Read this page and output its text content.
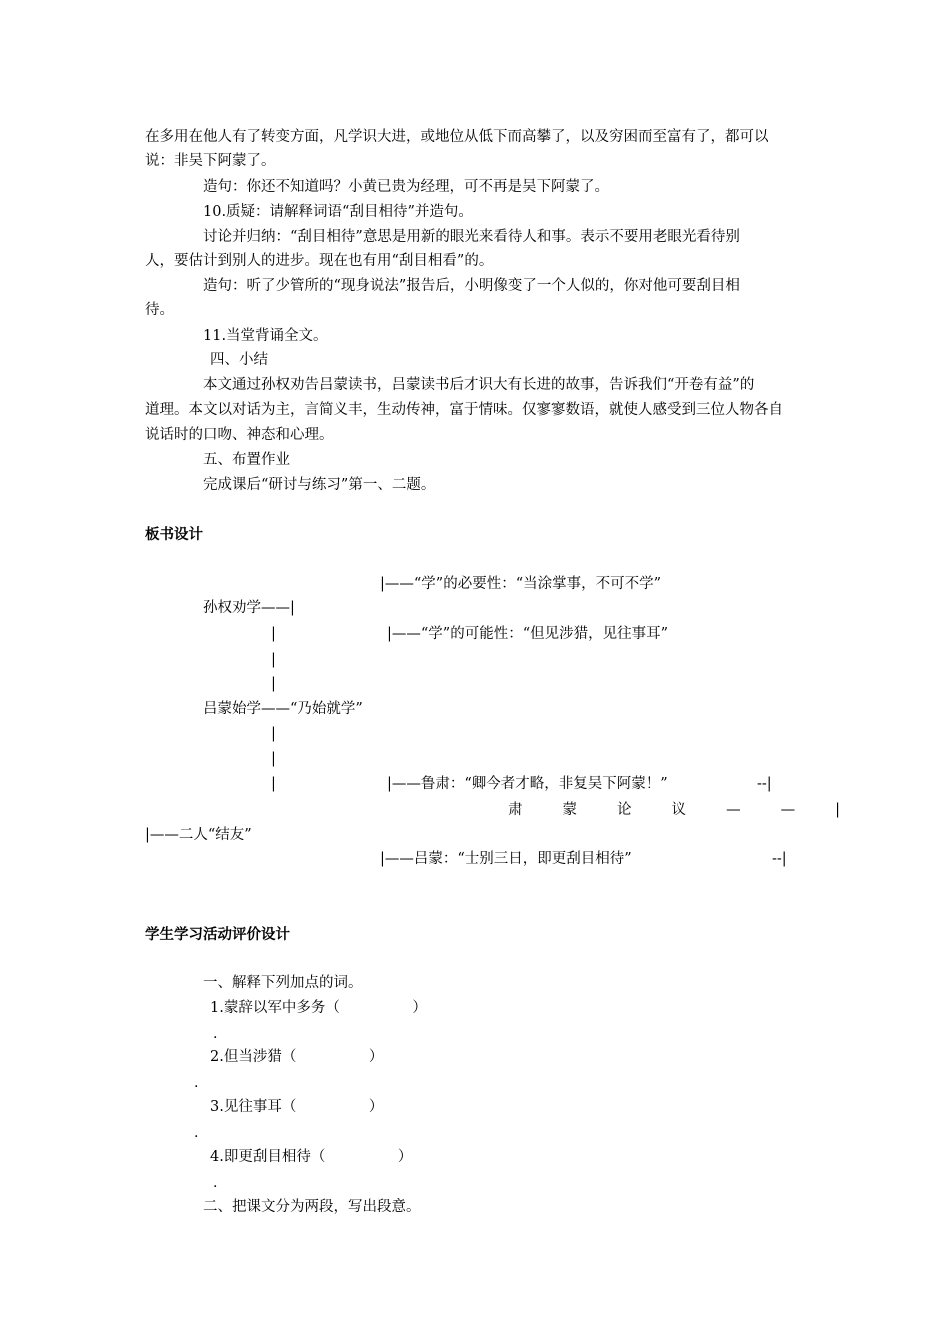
在多用在他人有了转变方面，凡学识大进，或地位从低下而高攀了，以及穷困而至富有了，都可以
说：非吴下阿蒙了。
造句：你还不知道吗？小黄已贵为经理，可不再是吴下阿蒙了。
10.质疑：请解释词语“刮目相待”并造句。
讨论并归纳：“刮目相待”意思是用新的眼光来看待人和事。表示不要用老眼光看待别
人，要估计到别人的进步。现在也有用“刮目相看”的。
造句：听了少管所的“现身说法”报告后，小明像变了一个人似的，你对他可要刮目相
待。
11.当堂背诵全文。
四、小结
本文通过孙权劝告吕蒙读书，吕蒙读书后才识大有长进的故事，告诉我们“开卷有益”的
道理。本文以对话为主，言简义丰，生动传神，富于情味。仅寥寥数语，就使人感受到三位人物各自
说话时的口吻、神态和心理。
五、布置作业
完成课后“研讨与练习”第一、二题。
板书设计
|——“学”的必要性：“当涂掌事，不可不学”
孙权劝学——|
|	|——“学”的可能性：“但见涉猎，见往事耳”
|
|
吕蒙始学——“乃始就学”
|
|
|	|——鲁肃：“卿今者才略，非复吴下阿蒙！”	--|
肃	蒙	论	议	—	—	|
|——二人“结友”
|——吕蒙：“士别三日，即更刮目相待”	--|
学生学习活动评价设计
一、解释下列加点的词。
1.蒙辞以军中多务（　　　　　）
.
2.但当涉猎（　　　　　）
.
3.见往事耳（　　　　　）
.
4.即更刮目相待（　　　　　）
.
二、把课文分为两段，写出段意。
